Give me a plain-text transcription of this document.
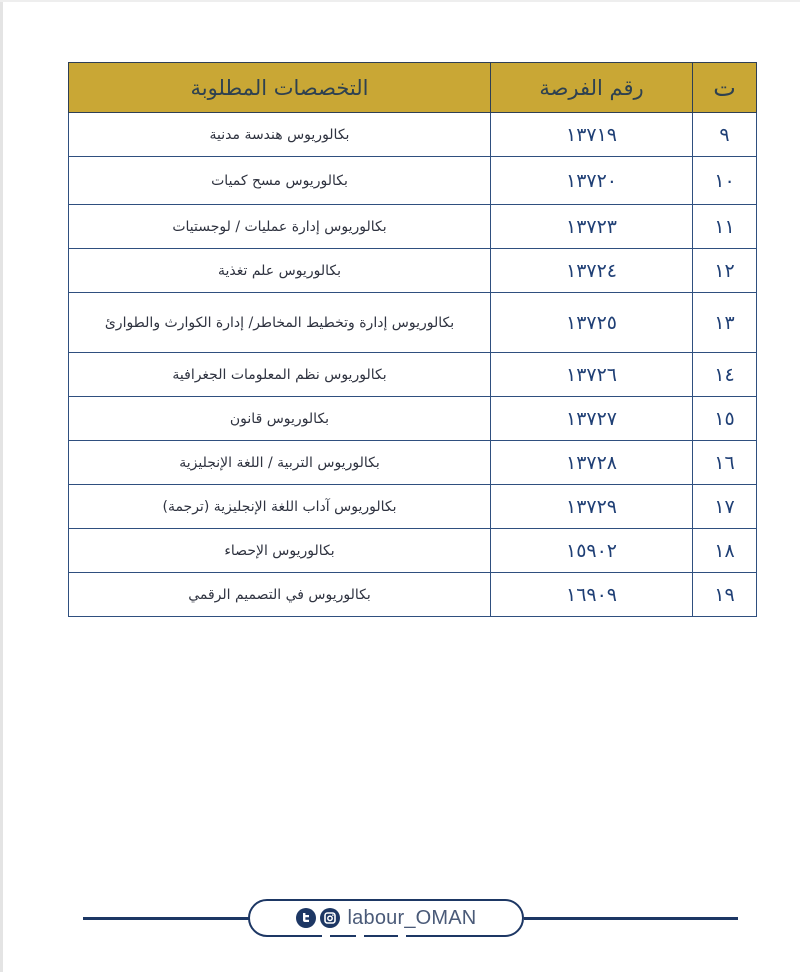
ت	رقم الفرصة	التخصصات المطلوبة
٩	١٣٧١٩	بكالوريوس هندسة مدنية
١٠	١٣٧٢٠	بكالوريوس مسح كميات
١١	١٣٧٢٣	بكالوريوس إدارة عمليات / لوجستيات
١٢	١٣٧٢٤	بكالوريوس علم تغذية
١٣	١٣٧٢٥	بكالوريوس إدارة وتخطيط المخاطر/ إدارة الكوارث والطوارئ
١٤	١٣٧٢٦	بكالوريوس نظم المعلومات الجغرافية
١٥	١٣٧٢٧	بكالوريوس قانون
١٦	١٣٧٢٨	بكالوريوس التربية / اللغة الإنجليزية
١٧	١٣٧٢٩	بكالوريوس آداب اللغة الإنجليزية (ترجمة)
١٨	١٥٩٠٢	بكالوريوس الإحصاء
١٩	١٦٩٠٩	بكالوريوس في التصميم الرقمي
labour_OMAN
